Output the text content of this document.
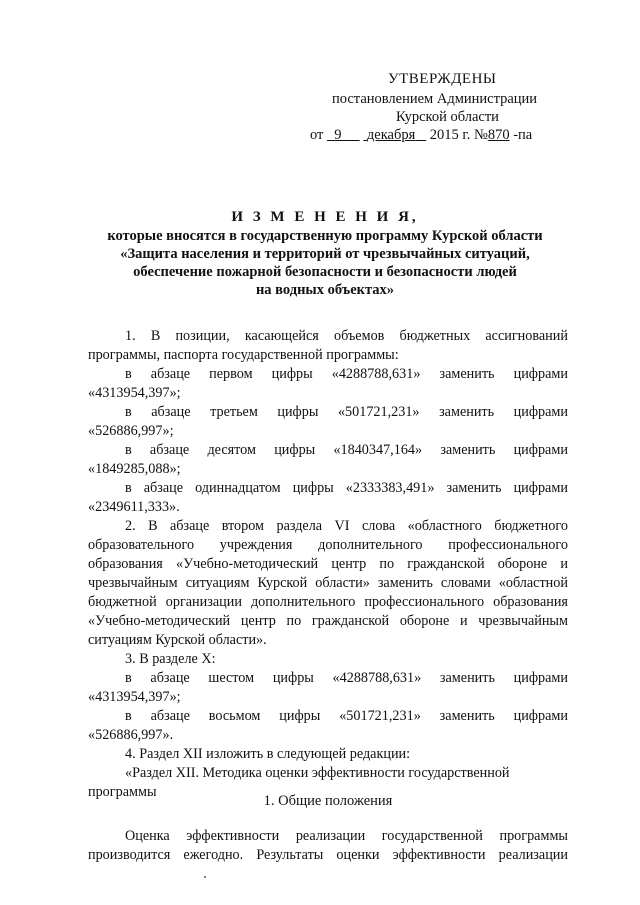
УТВЕРЖДЕНЫ
постановлением Администрации
Курской области
от 9 декабря 2015 г. №870 -па
И З М Е Н Е Н И Я,
которые вносятся в государственную программу Курской области
«Защита населения и территорий от чрезвычайных ситуаций,
обеспечение пожарной безопасности и безопасности людей
на водных объектах»
1. В позиции, касающейся объемов бюджетных ассигнований
программы, паспорта государственной программы:
в абзаце первом цифры «4288788,631» заменить цифрами
«4313954,397»;
в абзаце третьем цифры «501721,231» заменить цифрами
«526886,997»;
в абзаце десятом цифры «1840347,164» заменить цифрами
«1849285,088»;
в абзаце одиннадцатом цифры «2333383,491» заменить цифрами
«2349611,333».
2. В абзаце втором раздела VI слова «областного бюджетного
образовательного учреждения дополнительного профессионального
образования «Учебно-методический центр по гражданской обороне и
чрезвычайным ситуациям Курской области» заменить словами «областной
бюджетной организации дополнительного профессионального образования
«Учебно-методический центр по гражданской обороне и чрезвычайным
ситуациям Курской области».
3. В разделе X:
в абзаце шестом цифры «4288788,631» заменить цифрами
«4313954,397»;
в абзаце восьмом цифры «501721,231» заменить цифрами
«526886,997».
4. Раздел XII изложить в следующей редакции:
«Раздел XII. Методика оценки эффективности государственной
программы
Оценка эффективности реализации государственной программы
производится ежегодно. Результаты оценки эффективности реализации
1. Общие положения
